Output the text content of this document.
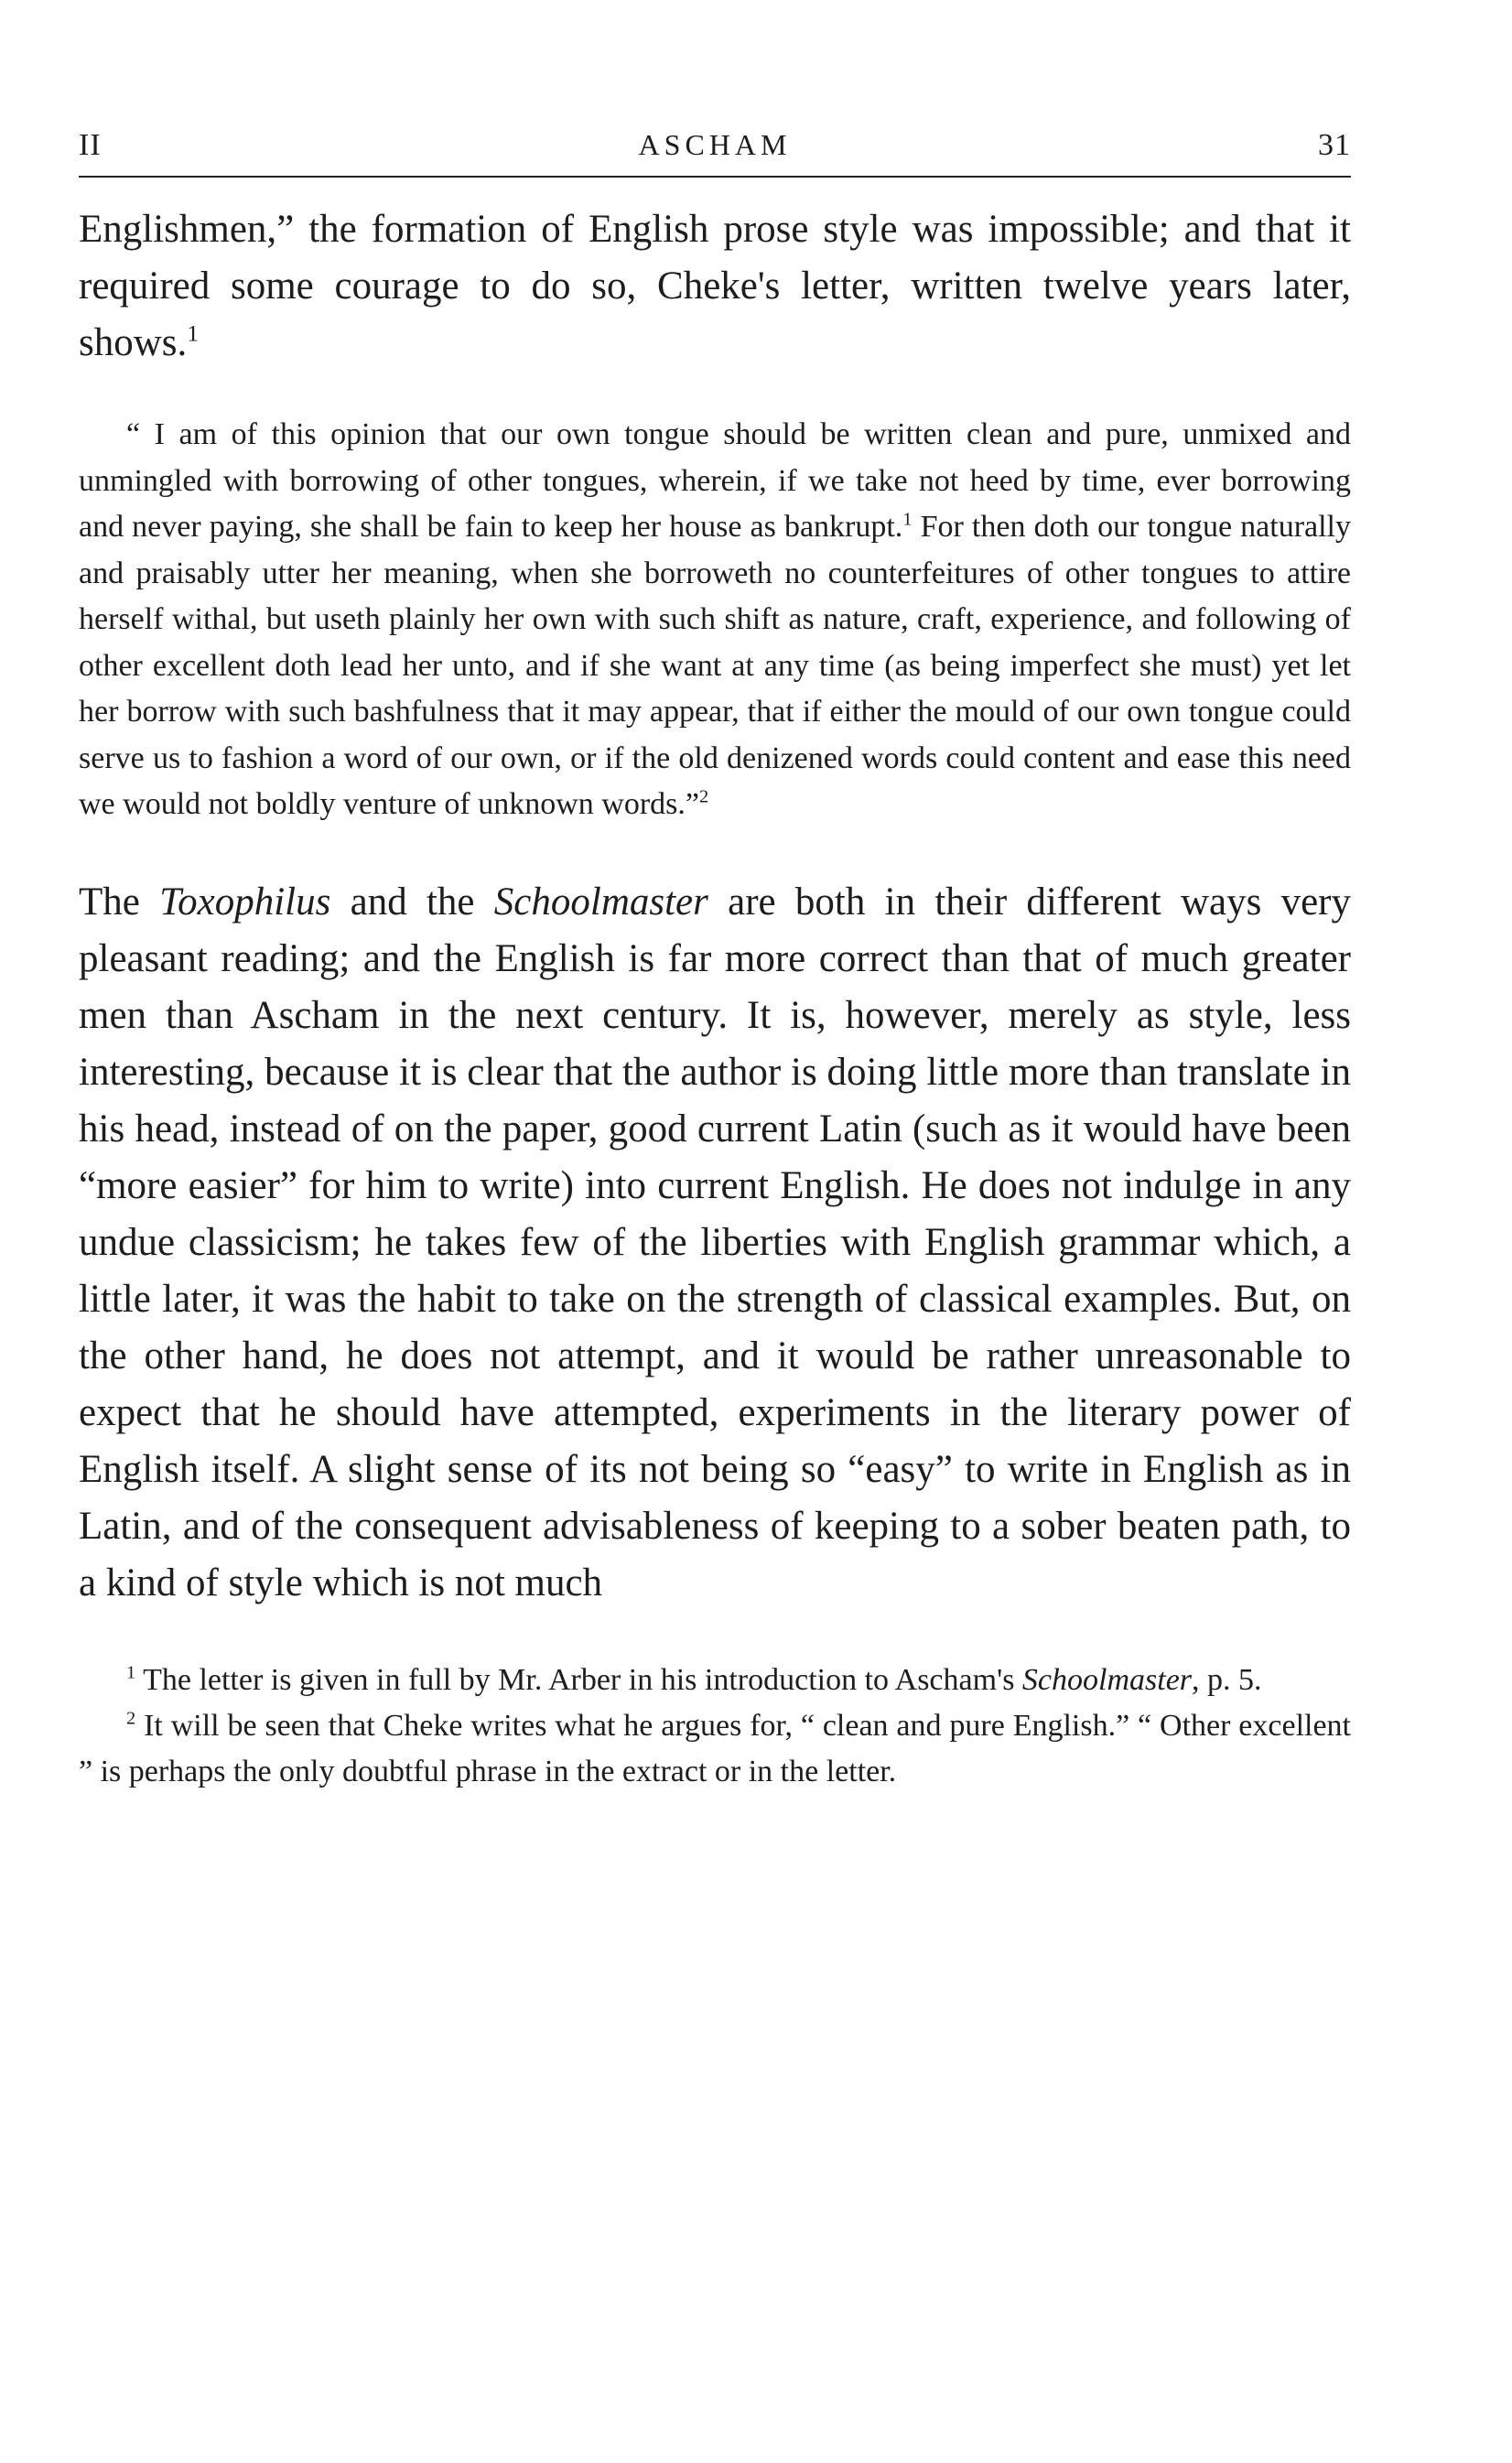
II	ASCHAM	31

Englishmen,” the formation of English prose style was impossible; and that it required some courage to do so, Cheke's letter, written twelve years later, shows.$^1$

“ I am of this opinion that our own tongue should be written clean and pure, unmixed and unmingled with borrowing of other tongues, wherein, if we take not heed by time, ever borrowing and never paying, she shall be fain to keep her house as bankrupt.$^1$ For then doth our tongue naturally and praisably utter her meaning, when she borroweth no counterfeitures of other tongues to attire herself withal, but useth plainly her own with such shift as nature, craft, experience, and following of other excellent doth lead her unto, and if she want at any time (as being imperfect she must) yet let her borrow with such bashfulness that it may appear, that if either the mould of our own tongue could serve us to fashion a word of our own, or if the old denizened words could content and ease this need we would not boldly venture of unknown words.”$^2$

The Toxophilus and the Schoolmaster are both in their different ways very pleasant reading; and the English is far more correct than that of much greater men than Ascham in the next century. It is, however, merely as style, less interesting, because it is clear that the author is doing little more than translate in his head, instead of on the paper, good current Latin (such as it would have been “more easier” for him to write) into current English. He does not indulge in any undue classicism; he takes few of the liberties with English grammar which, a little later, it was the habit to take on the strength of classical examples. But, on the other hand, he does not attempt, and it would be rather unreasonable to expect that he should have attempted, experiments in the literary power of English itself. A slight sense of its not being so “easy” to write in English as in Latin, and of the consequent advisableness of keeping to a sober beaten path, to a kind of style which is not much

$^1$ The letter is given in full by Mr. Arber in his introduction to Ascham's Schoolmaster, p. 5.

$^2$ It will be seen that Cheke writes what he argues for, “ clean and pure English.” “ Other excellent ” is perhaps the only doubtful phrase in the extract or in the letter.
